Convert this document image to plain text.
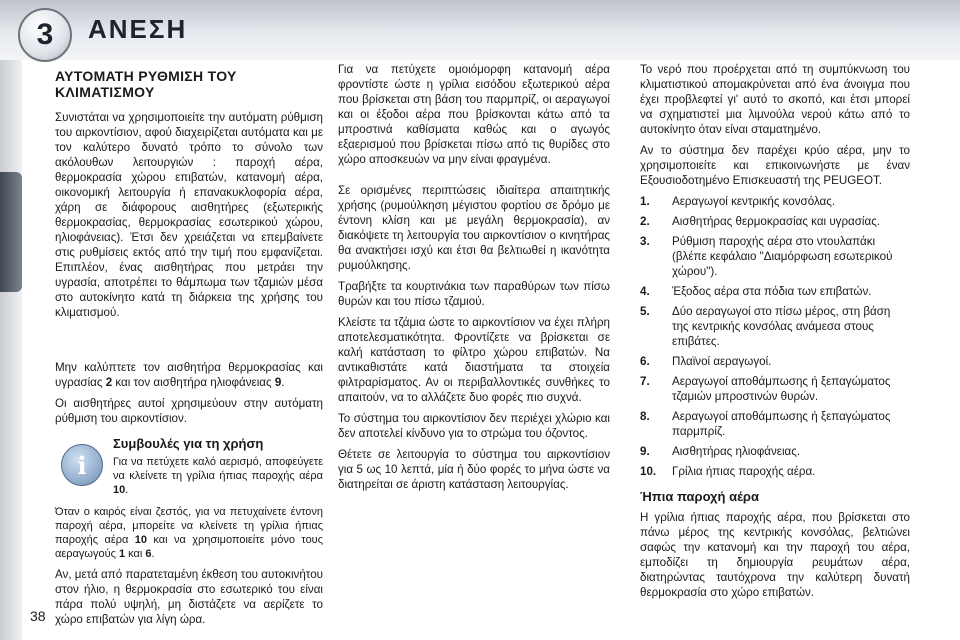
3	ΑΝΕΣΗ
ΑΥΤΟΜΑΤΗ ΡΥΘΜΙΣΗ ΤΟΥ ΚΛΙΜΑΤΙΣΜΟΥ

Συνιστάται να χρησιμοποιείτε την αυτόματη ρύθμιση του αιρκοντίσιον, αφού διαχειρίζεται αυτόματα και με τον καλύτερο δυνατό τρόπο το σύνολο των ακόλουθων λειτουργιών : παροχή αέρα, θερμοκρασία χώρου επιβατών, κατανομή αέρα, οικονομική λειτουργία ή επανακυκλοφορία αέρα, χάρη σε διάφορους αισθητήρες (εξωτερικής θερμοκρασίας, θερμοκρασίας εσωτερικού χώρου, ηλιοφάνειας). Έτσι δεν χρειάζεται να επεμβαίνετε στις ρυθμίσεις εκτός από την τιμή που εμφανίζεται. Επιπλέον, ένας αισθητήρας που μετράει την υγρασία, αποτρέπει το θάμπωμα των τζαμιών μέσα στο αυτοκίνητο κατά τη διάρκεια της χρήσης του κλιματισμού.

Μην καλύπτετε τον αισθητήρα θερμοκρασίας και υγρασίας 2 και τον αισθητήρα ηλιοφάνειας 9.

Οι αισθητήρες αυτοί χρησιμεύουν στην αυτόματη ρύθμιση του αιρκοντίσιον.

i
Συμβουλές για τη χρήση

Για να πετύχετε καλό αερισμό, αποφεύγετε να κλείνετε τη γρίλια ήπιας παροχής αέρα 10.

Όταν ο καιρός είναι ζεστός, για να πετυχαίνετε έντονη παροχή αέρα, μπορείτε να κλείνετε τη γρίλια ήπιας παροχής αέρα 10 και να χρησιμοποιείτε μόνο τους αεραγωγούς 1 και 6.

Αν, μετά από παρατεταμένη έκθεση του αυτοκινήτου στον ήλιο, η θερμοκρασία στο εσωτερικό του είναι πάρα πολύ υψηλή, μη διστάζετε να αερίζετε το χώρο επιβατών για λίγη ώρα.

Για να πετύχετε ομοιόμορφη κατανομή αέρα φροντίστε ώστε η γρίλια εισόδου εξωτερικού αέρα που βρίσκεται στη βάση του παρμπρίζ, οι αεραγωγοί και οι έξοδοι αέρα που βρίσκονται κάτω από τα μπροστινά καθίσματα καθώς και ο αγωγός εξαερισμού που βρίσκεται πίσω από τις θυρίδες στο χώρο αποσκευών να μην είναι φραγμένα.

Σε ορισμένες περιπτώσεις ιδιαίτερα απαιτητικής χρήσης (ρυμούλκηση μέγιστου φορτίου σε δρόμο με έντονη κλίση και με μεγάλη θερμοκρασία), αν διακόψετε τη λειτουργία του αιρκοντίσιον ο κινητήρας θα ανακτήσει ισχύ και έτσι θα βελτιωθεί η ικανότητα ρυμούλκησης.

Τραβήξτε τα κουρτινάκια των παραθύρων των πίσω θυρών και του πίσω τζαμιού.

Κλείστε τα τζάμια ώστε το αιρκοντίσιον να έχει πλήρη αποτελεσματικότητα. Φροντίζετε να βρίσκεται σε καλή κατάσταση το φίλτρο χώρου επιβατών. Να αντικαθιστάτε κατά διαστήματα τα στοιχεία φιλτραρίσματος. Αν οι περιβαλλοντικές συνθήκες το απαιτούν, να το αλλάζετε δυο φορές πιο συχνά.

Το σύστημα του αιρκοντίσιον δεν περιέχει χλώριο και δεν αποτελεί κίνδυνο για το στρώμα του όζοντος.

Θέτετε σε λειτουργία το σύστημα του αιρκοντίσιον για 5 ως 10 λεπτά, μία ή δύο φορές το μήνα ώστε να διατηρείται σε άριστη κατάσταση λειτουργίας.

Το νερό που προέρχεται από τη συμπύκνωση του κλιματιστικού απομακρύνεται από ένα άνοιγμα που έχει προβλεφτεί γι' αυτό το σκοπό, και έτσι μπορεί να σχηματιστεί μια λιμνούλα νερού κάτω από το αυτοκίνητο όταν είναι σταματημένο.

Αν το σύστημα δεν παρέχει κρύο αέρα, μην το χρησιμοποιείτε και επικοινωνήστε με έναν Εξουσιοδοτημένο Επισκευαστή της PEUGEOT.

1. Αεραγωγοί κεντρικής κονσόλας.
2. Αισθητήρας θερμοκρασίας και υγρασίας.
3. Ρύθμιση παροχής αέρα στο ντουλαπάκι (βλέπε κεφάλαιο "Διαμόρφωση εσωτερικού χώρου").
4. Έξοδος αέρα στα πόδια των επιβατών.
5. Δύο αεραγωγοί στο πίσω μέρος, στη βάση της κεντρικής κονσόλας ανάμεσα στους επιβάτες.
6. Πλαϊνοί αεραγωγοί.
7. Αεραγωγοί αποθάμπωσης ή ξεπαγώματος τζαμιών μπροστινών θυρών.
8. Αεραγωγοί αποθάμπωσης ή ξεπαγώματος παρμπρίζ.
9. Αισθητήρας ηλιοφάνειας.
10. Γρίλια ήπιας παροχής αέρα.
Ήπια παροχή αέρα

Η γρίλια ήπιας παροχής αέρα, που βρίσκεται στο πάνω μέρος της κεντρικής κονσόλας, βελτιώνει σαφώς την κατανομή και την παροχή του αέρα, εμποδίζει τη δημιουργία ρευμάτων αέρα, διατηρώντας ταυτόχρονα την καλύτερη δυνατή θερμοκρασία στο χώρο επιβατών.

38
